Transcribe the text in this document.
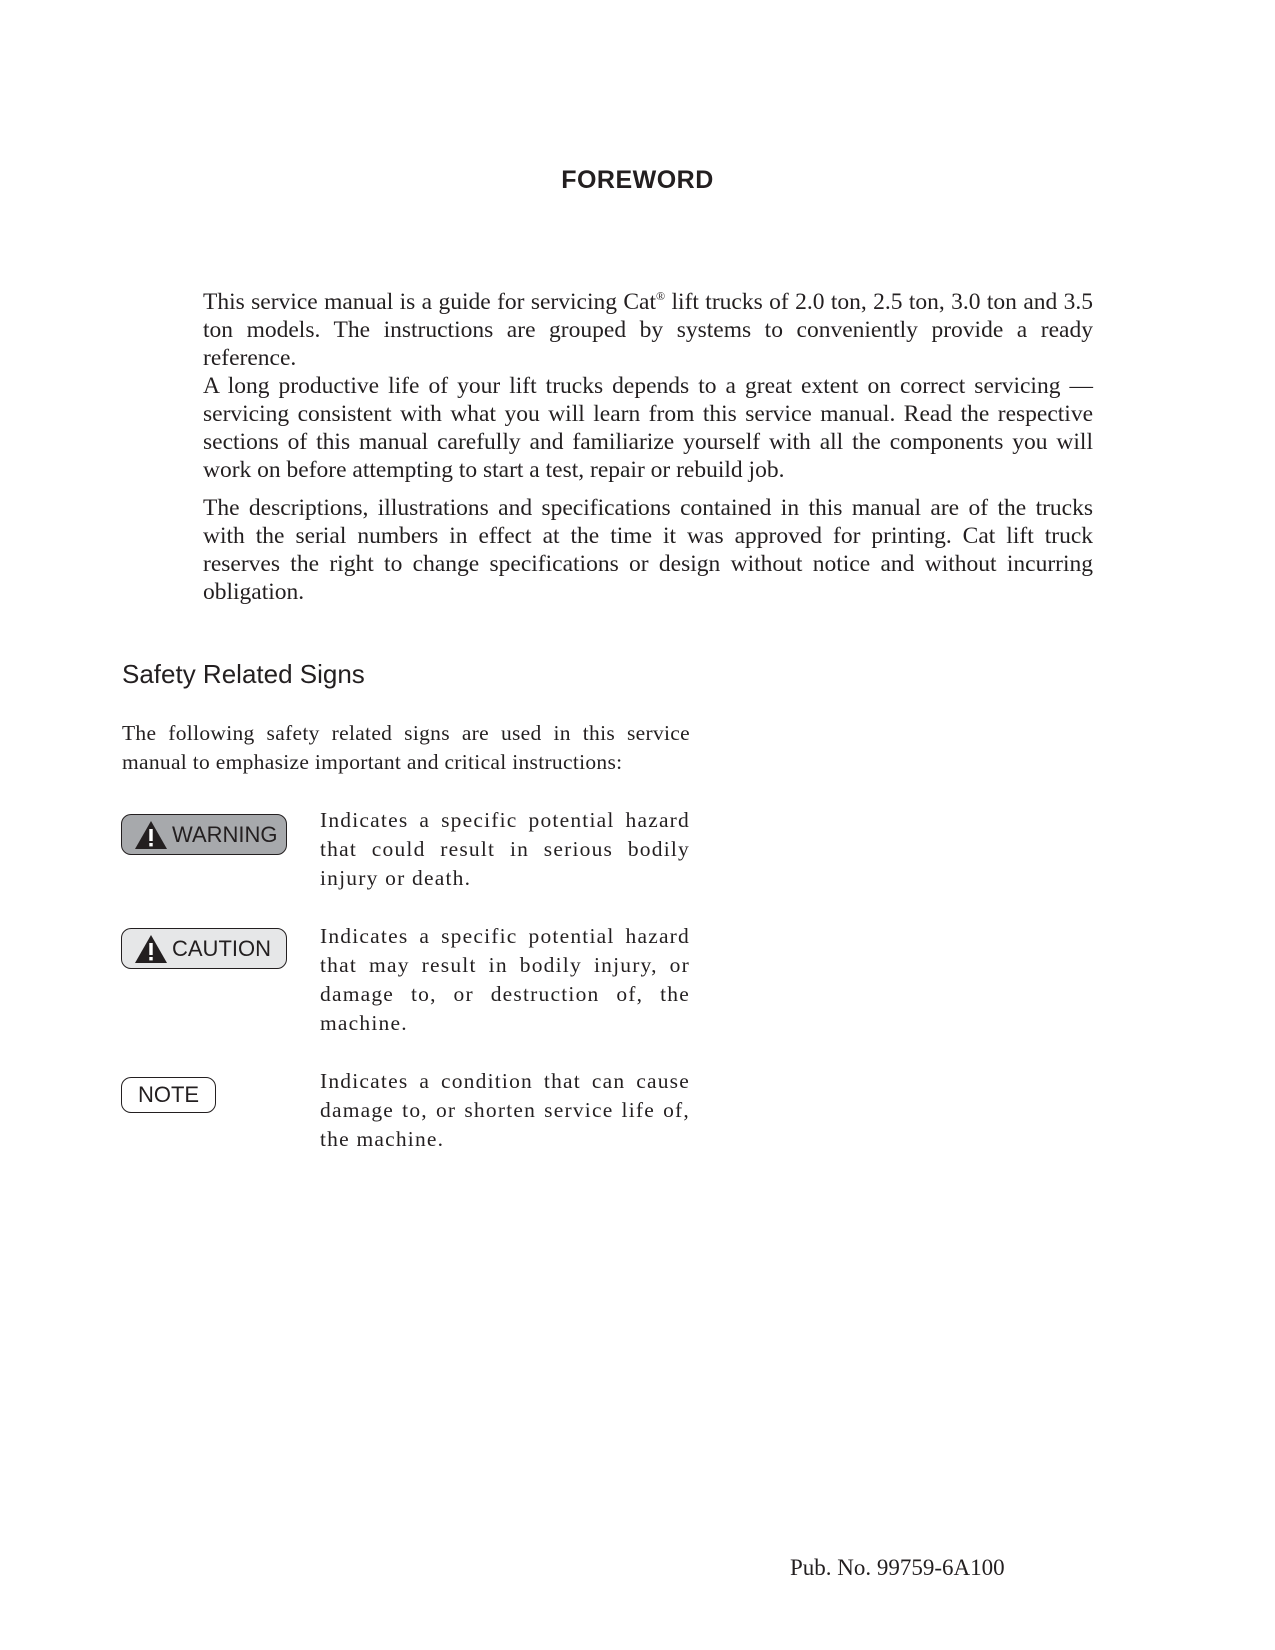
FOREWORD

This service manual is a guide for servicing Cat® lift trucks of 2.0 ton, 2.5 ton, 3.0 ton and 3.5 ton models. The instructions are grouped by systems to conveniently provide a ready reference.

A long productive life of your lift trucks depends to a great extent on correct servicing — servicing consistent with what you will learn from this service manual. Read the respective sections of this manual carefully and familiarize yourself with all the components you will work on before attempting to start a test, repair or rebuild job.

The descriptions, illustrations and specifications contained in this manual are of the trucks with the serial numbers in effect at the time it was approved for printing. Cat lift truck reserves the right to change specifications or design without notice and without incurring obligation.

Safety Related Signs
The following safety related signs are used in this service manual to emphasize important and critical instructions:
WARNING
Indicates a specific potential hazard that could result in serious bodily injury or death.
CAUTION Indicates a specific potential hazard that may result in bodily injury, or damage to, or destruction of, the machine.
NOTE
Indicates a condition that can cause damage to, or shorten service life of, the machine.
Pub. No. 99759-6A100
